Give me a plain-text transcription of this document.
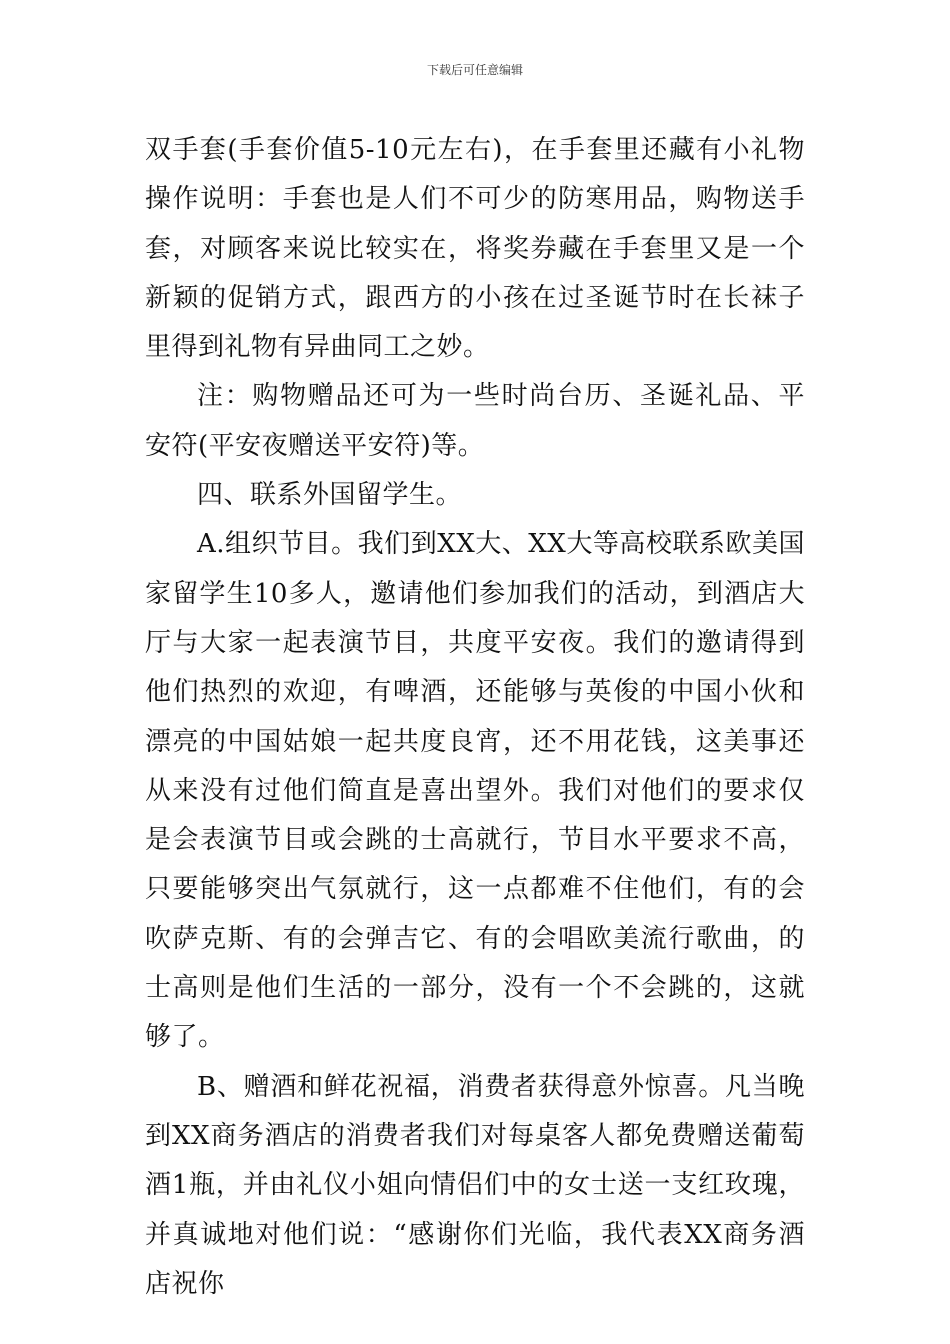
下载后可任意编辑

双手套(手套价值5-10元左右)，在手套里还藏有小礼物操作说明：手套也是人们不可少的防寒用品，购物送手套，对顾客来说比较实在，将奖券藏在手套里又是一个新颖的促销方式，跟西方的小孩在过圣诞节时在长袜子里得到礼物有异曲同工之妙。

注：购物赠品还可为一些时尚台历、圣诞礼品、平安符(平安夜赠送平安符)等。

四、联系外国留学生。

A.组织节目。我们到XX大、XX大等高校联系欧美国家留学生10多人，邀请他们参加我们的活动，到酒店大厅与大家一起表演节目，共度平安夜。我们的邀请得到他们热烈的欢迎，有啤酒，还能够与英俊的中国小伙和漂亮的中国姑娘一起共度良宵，还不用花钱，这美事还从来没有过他们简直是喜出望外。我们对他们的要求仅是会表演节目或会跳的士高就行，节目水平要求不高，只要能够突出气氛就行，这一点都难不住他们，有的会吹萨克斯、有的会弹吉它、有的会唱欧美流行歌曲，的士高则是他们生活的一部分，没有一个不会跳的，这就够了。

B、赠酒和鲜花祝福，消费者获得意外惊喜。凡当晚到XX商务酒店的消费者我们对每桌客人都免费赠送葡萄酒1瓶，并由礼仪小姐向情侣们中的女士送一支红玫瑰，并真诚地对他们说：“感谢你们光临，我代表XX商务酒店祝你
